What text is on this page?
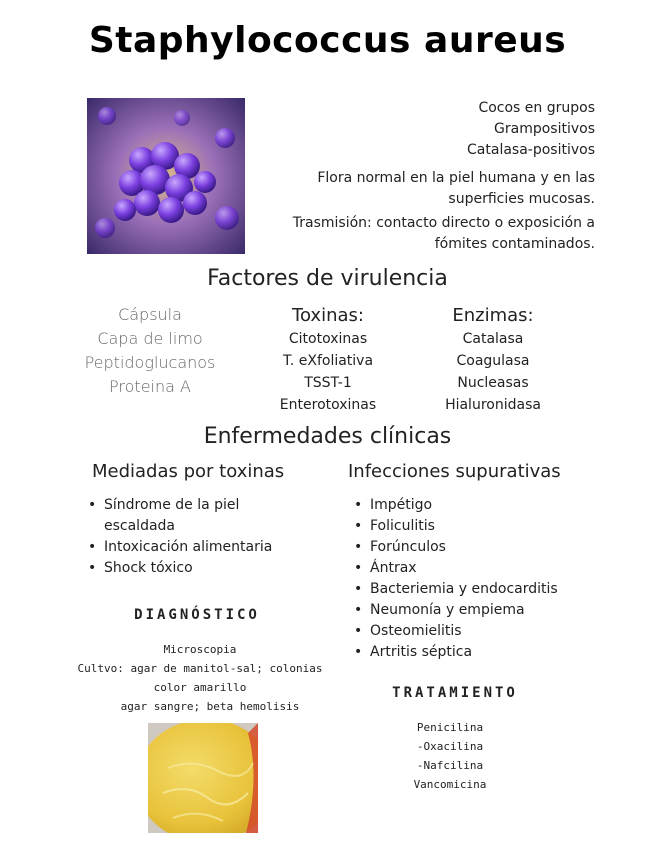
Staphylococcus aureus
Cocos en grupos
Grampositivos
Catalasa-positivos
Flora normal en la piel humana y en las
superficies mucosas.
Trasmisión: contacto directo o exposición a
fómites contaminados.
Factores de virulencia
Cápsula
Capa de limo
Peptidoglucanos
Proteina A
Toxinas:
Citotoxinas
T. eXfoliativa
TSST-1
Enterotoxinas
Enzimas:
Catalasa
Coagulasa
Nucleasas
Hialuronidasa
Enfermedades clínicas
Mediadas por toxinas
• Síndrome de la piel
escaldada
• Intoxicación alimentaria
• Shock tóxico
Infecciones supurativas
• Impétigo
• Foliculitis
• Forúnculos
• Ántrax
• Bacteriemia y endocarditis
• Neumonía y empiema
• Osteomielitis
• Artritis séptica
DIAGNÓSTICO
Microscopia
Cultvo: agar de manitol-sal; colonias
color amarillo
agar sangre; beta hemolisis
TRATAMIENTO
Penicilina
-Oxacilina
-Nafcilina
Vancomicina
